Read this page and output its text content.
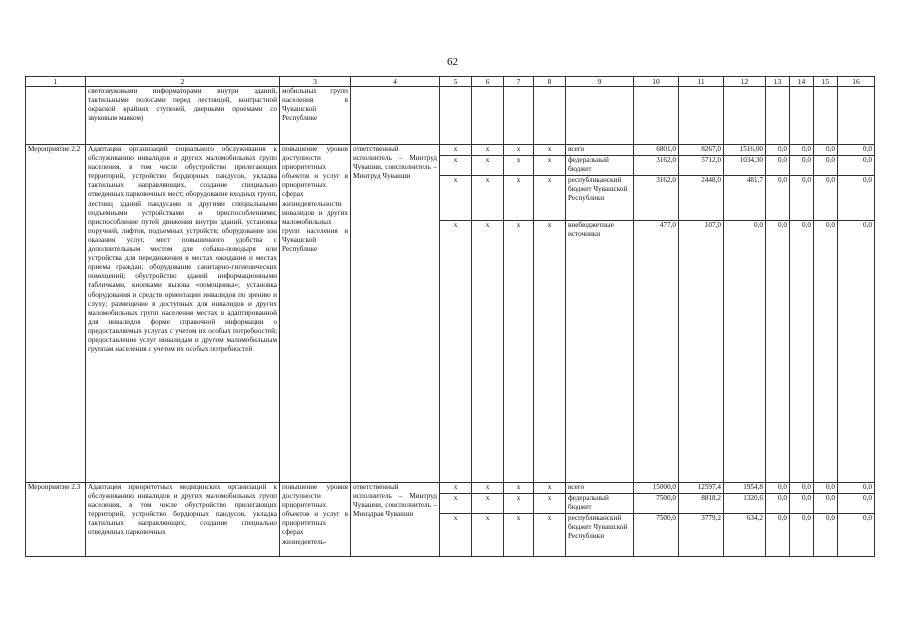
62
1	2	3	4	5	6	7	8	9	10	11	12	13	14	15	16
	светозвуковыми информаторами внутри зданий, тактильными полосами перед лестницей, контрастной окраской крайних ступеней, дверными проемами со звуковым маяком)	мобильных групп населения в Чувашской Республике													
Мероприятие 2.2	Адаптация организаций социального обслуживания к обслуживанию инвалидов и других маломобильных групп населения, в том числе обустройство прилегающих территорий, устройство бордюрных пандусов, укладка тактильных направляющих, создание специально отведенных парковочных мест; оборудование входных групп, лестниц зданий пандусами и другими специальными подъемными устройствами и приспособлениями; приспособление путей движения внутри зданий, установка поручней, лифтов, подъемных устройств; оборудование зон оказания услуг, мест повышенного удобства с дополнительным местом для собаки-поводыря или устройства для передвижения в местах ожидания и местах приема граждан; оборудование санитарно-гигиенических помещений; обустройство зданий информационными табличками, кнопками вызова «помощника»; установка оборудования и средств ориентации инвалидов по зрению и слуху; размещение в доступных для инвалидов и других маломобильных групп населения местах в адаптированной для инвалидов форме справочной информации о предоставляемых услугах с учетом их особых потребностей; предоставление услуг инвалидам и другим маломобильным группам населения с учетом их особых потребностей	повышение уровня доступности приоритетных объектов и услуг в приоритетных сферах жизнедеятельности инвалидов и других маломобильных групп населения в Чувашской Республике	ответственный исполнитель – Минтруд Чувашии, соисполнитель – Минтруд Чувашии	x	x	x	x	всего	6801,0	8267,0	1516,00	0,0	0,0	0,0	0,0
				x	x	x	x	федеральный бюджет	3162,0	5712,0	1034,30	0,0	0,0	0,0	0,0
				x	x	x	x	республиканский бюджет Чувашской Республики	3162,0	2448,0	481,7	0,0	0,0	0,0	0,0
				x	x	x	x	внебюджетные источники	477,0	107,0	0,0	0,0	0,0	0,0	0,0
Мероприятие 2.3	Адаптация приоритетных медицинских организаций к обслуживанию инвалидов и других маломобильных групп населения, в том числе обустройство прилегающих территорий, устройство бордюрных пандусов, укладка тактильных направляющих, создание специально отведенных парковочных	повышение уровня доступности приоритетных объектов и услуг в приоритетных сферах жизнедеятель-	ответственный исполнитель – Минтруд Чувашии, соисполнитель – Минздрав Чувашии	x	x	x	x	всего	15000,0	12597,4	1954,8	0,0	0,0	0,0	0,0
				x	x	x	x	федеральный бюджет	7500,0	8818,2	1320,6	0,0	0,0	0,0	0,0
				x	x	x	x	республиканский бюджет Чувашской Республики	7500,0	3779,2	634,2	0,0	0,0	0,0	0,0
